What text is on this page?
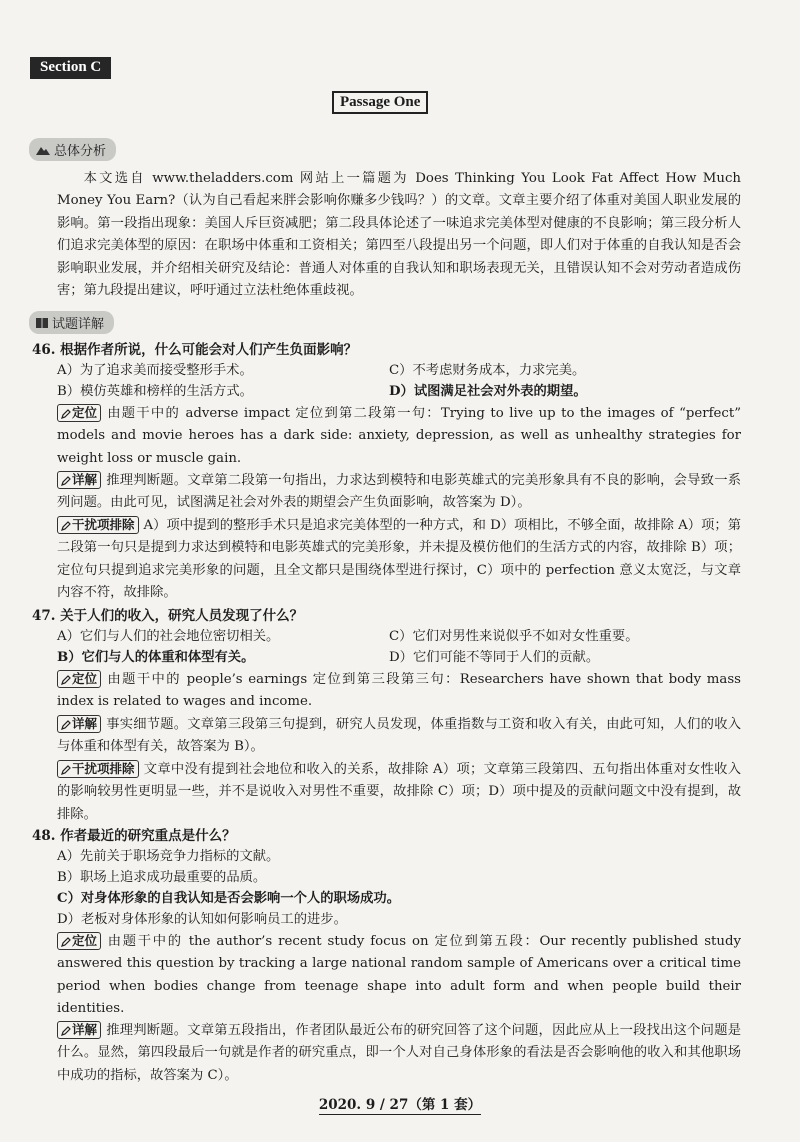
Section C
Passage One
总体分析
本文选自 www.theladders.com 网站上一篇题为 Does Thinking You Look Fat Affect How Much Money You Earn?（认为自己看起来胖会影响你赚多少钱吗？）的文章。文章主要介绍了体重对美国人职业发展的影响。第一段指出现象：美国人斥巨资减肥；第二段具体论述了一味追求完美体型对健康的不良影响；第三段分析人们追求完美体型的原因：在职场中体重和工资相关；第四至八段提出另一个问题，即人们对于体重的自我认知是否会影响职业发展，并介绍相关研究及结论：普通人对体重的自我认知和职场表现无关，且错误认知不会对劳动者造成伤害；第九段提出建议，呼吁通过立法杜绝体重歧视。
试题详解
46. 根据作者所说，什么可能会对人们产生负面影响？
A）为了追求美而接受整形手术。	C）不考虑财务成本，力求完美。
B）模仿英雄和榜样的生活方式。	D）试图满足社会对外表的期望。
定位 由题干中的 adverse impact 定位到第二段第一句：Trying to live up to the images of “perfect” models and movie heroes has a dark side: anxiety, depression, as well as unhealthy strategies for weight loss or muscle gain.
详解 推理判断题。文章第二段第一句指出，力求达到模特和电影英雄式的完美形象具有不良的影响，会导致一系列问题。由此可见，试图满足社会对外表的期望会产生负面影响，故答案为 D）。
干扰项排除 A）项中提到的整形手术只是追求完美体型的一种方式，和 D）项相比，不够全面，故排除 A）项；第二段第一句只是提到力求达到模特和电影英雄式的完美形象，并未提及模仿他们的生活方式的内容，故排除 B）项；定位句只提到追求完美形象的问题，且全文都只是围绕体型进行探讨，C）项中的 perfection 意义太宽泛，与文章内容不符，故排除。
47. 关于人们的收入，研究人员发现了什么？
A）它们与人们的社会地位密切相关。	C）它们对男性来说似乎不如对女性重要。
B）它们与人的体重和体型有关。	D）它们可能不等同于人们的贡献。
定位 由题干中的 people’s earnings 定位到第三段第三句：Researchers have shown that body mass index is related to wages and income.
详解 事实细节题。文章第三段第三句提到，研究人员发现，体重指数与工资和收入有关，由此可知，人们的收入与体重和体型有关，故答案为 B）。
干扰项排除 文章中没有提到社会地位和收入的关系，故排除 A）项；文章第三段第四、五句指出体重对女性收入的影响较男性更明显一些，并不是说收入对男性不重要，故排除 C）项；D）项中提及的贡献问题文中没有提到，故排除。
48. 作者最近的研究重点是什么？
A）先前关于职场竞争力指标的文献。
B）职场上追求成功最重要的品质。
C）对身体形象的自我认知是否会影响一个人的职场成功。
D）老板对身体形象的认知如何影响员工的进步。
定位 由题干中的 the author’s recent study focus on 定位到第五段：Our recently published study answered this question by tracking a large national random sample of Americans over a critical time period when bodies change from teenage shape into adult form and when people build their identities.
详解 推理判断题。文章第五段指出，作者团队最近公布的研究回答了这个问题，因此应从上一段找出这个问题是什么。显然，第四段最后一句就是作者的研究重点，即一个人对自己身体形象的看法是否会影响他的收入和其他职场中成功的指标，故答案为 C）。
2020. 9 / 27（第 1 套）
